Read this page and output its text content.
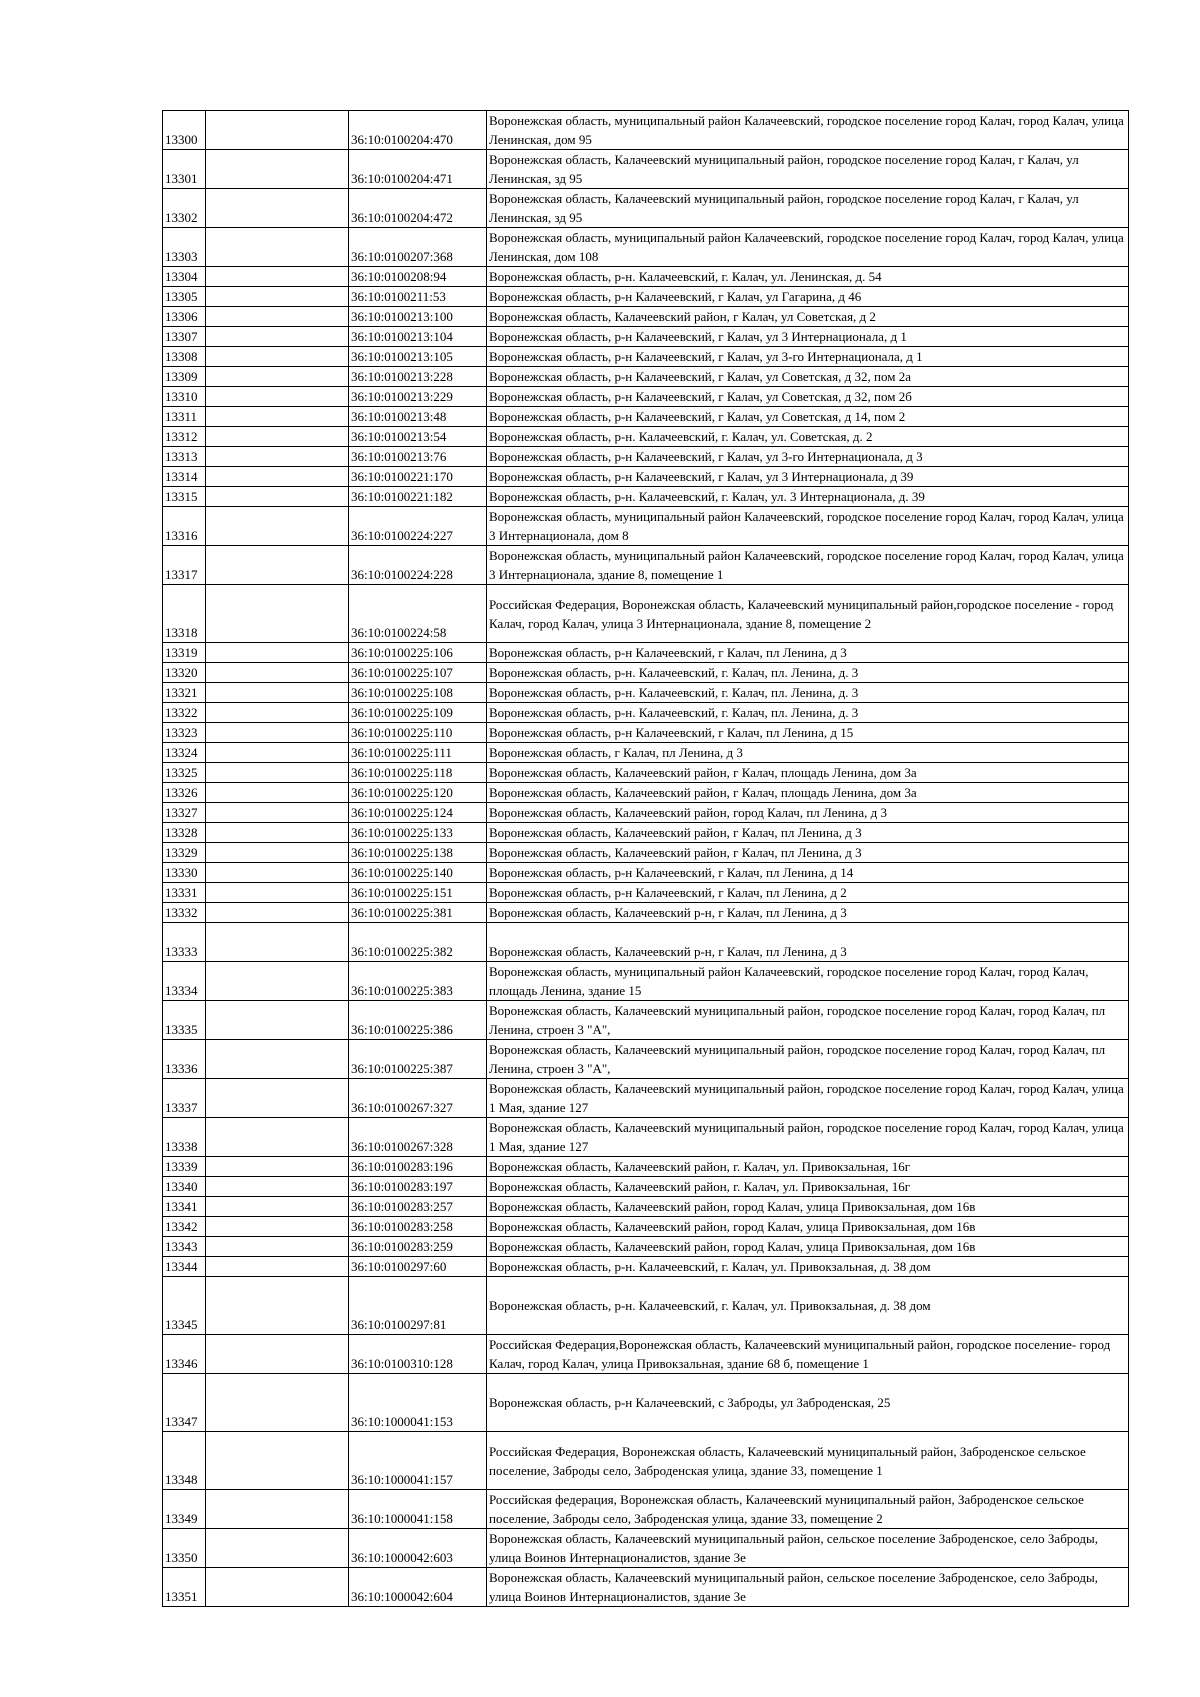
13300		36:10:0100204:470	Воронежская область, муниципальный район Калачеевский, городское поселение город Калач, город Калач, улица Ленинская, дом 95
13301		36:10:0100204:471	Воронежская область, Калачеевский муниципальный район, городское поселение город Калач, г Калач, ул Ленинская, зд 95
13302		36:10:0100204:472	Воронежская область, Калачеевский муниципальный район, городское поселение город Калач, г Калач, ул Ленинская, зд 95
13303		36:10:0100207:368	Воронежская область, муниципальный район Калачеевский, городское поселение город Калач, город Калач, улица Ленинская, дом 108
13304		36:10:0100208:94	Воронежская область, р-н. Калачеевский, г. Калач, ул. Ленинская, д. 54
13305		36:10:0100211:53	Воронежская область, р-н Калачеевский, г Калач, ул Гагарина, д 46
13306		36:10:0100213:100	Воронежская область, Калачеевский район, г Калач, ул Советская, д 2
13307		36:10:0100213:104	Воронежская область, р-н Калачеевский, г Калач, ул 3 Интернационала, д 1
13308		36:10:0100213:105	Воронежская область, р-н Калачеевский, г Калач, ул 3-го Интернационала, д 1
13309		36:10:0100213:228	Воронежская область, р-н Калачеевский, г Калач, ул Советская, д 32, пом 2а
13310		36:10:0100213:229	Воронежская область, р-н Калачеевский, г Калач, ул Советская, д 32, пом 2б
13311		36:10:0100213:48	Воронежская область, р-н Калачеевский, г Калач, ул Советская, д 14, пом 2
13312		36:10:0100213:54	Воронежская область, р-н. Калачеевский, г. Калач, ул. Советская, д. 2
13313		36:10:0100213:76	Воронежская область, р-н Калачеевский, г Калач, ул 3-го Интернационала, д 3
13314		36:10:0100221:170	Воронежская область, р-н Калачеевский, г Калач, ул 3 Интернационала, д 39
13315		36:10:0100221:182	Воронежская область, р-н. Калачеевский, г. Калач, ул. 3 Интернационала, д. 39
13316		36:10:0100224:227	Воронежская область, муниципальный район Калачеевский, городское поселение город Калач, город Калач, улица 3 Интернационала, дом 8
13317		36:10:0100224:228	Воронежская область, муниципальный район Калачеевский, городское поселение город Калач, город Калач, улица 3 Интернационала, здание 8, помещение 1
13318		36:10:0100224:58	Российская Федерация, Воронежская область, Калачеевский муниципальный район,городское поселение - город Калач, город Калач, улица 3 Интернационала, здание 8, помещение 2
13319		36:10:0100225:106	Воронежская область, р-н Калачеевский, г Калач, пл Ленина, д 3
13320		36:10:0100225:107	Воронежская область, р-н. Калачеевский, г. Калач, пл. Ленина, д. 3
13321		36:10:0100225:108	Воронежская область, р-н. Калачеевский, г. Калач, пл. Ленина, д. 3
13322		36:10:0100225:109	Воронежская область, р-н. Калачеевский, г. Калач, пл. Ленина, д. 3
13323		36:10:0100225:110	Воронежская область, р-н Калачеевский, г Калач, пл Ленина, д 15
13324		36:10:0100225:111	Воронежская область, г Калач, пл Ленина, д 3
13325		36:10:0100225:118	Воронежская область, Калачеевский район, г Калач, площадь Ленина, дом 3а
13326		36:10:0100225:120	Воронежская область, Калачеевский район, г Калач, площадь Ленина, дом 3а
13327		36:10:0100225:124	Воронежская область, Калачеевский район, город Калач, пл Ленина, д 3
13328		36:10:0100225:133	Воронежская область, Калачеевский район, г Калач, пл Ленина, д 3
13329		36:10:0100225:138	Воронежская область, Калачеевский район, г Калач, пл Ленина, д 3
13330		36:10:0100225:140	Воронежская область, р-н Калачеевский, г Калач, пл Ленина, д 14
13331		36:10:0100225:151	Воронежская область, р-н Калачеевский, г Калач, пл Ленина, д 2
13332		36:10:0100225:381	Воронежская область, Калачеевский р-н, г Калач, пл Ленина, д 3
13333		36:10:0100225:382	Воронежская область, Калачеевский р-н, г Калач, пл Ленина, д 3
13334		36:10:0100225:383	Воронежская область, муниципальный район Калачеевский, городское поселение город Калач, город Калач, площадь Ленина, здание 15
13335		36:10:0100225:386	Воронежская область, Калачеевский муниципальный район, городское поселение город Калач, город Калач, пл Ленина, строен 3 "А",
13336		36:10:0100225:387	Воронежская область, Калачеевский муниципальный район, городское поселение город Калач, город Калач, пл Ленина, строен 3 "А",
13337		36:10:0100267:327	Воронежская область, Калачеевский муниципальный район, городское поселение город Калач, город Калач, улица 1 Мая, здание 127
13338		36:10:0100267:328	Воронежская область, Калачеевский муниципальный район, городское поселение город Калач, город Калач, улица 1 Мая, здание 127
13339		36:10:0100283:196	Воронежская область, Калачеевский район, г. Калач, ул. Привокзальная, 16г
13340		36:10:0100283:197	Воронежская область, Калачеевский район, г. Калач, ул. Привокзальная, 16г
13341		36:10:0100283:257	Воронежская область, Калачеевский район, город Калач, улица Привокзальная, дом 16в
13342		36:10:0100283:258	Воронежская область, Калачеевский район, город Калач, улица Привокзальная, дом 16в
13343		36:10:0100283:259	Воронежская область, Калачеевский район, город Калач, улица Привокзальная, дом 16в
13344		36:10:0100297:60	Воронежская область, р-н. Калачеевский, г. Калач, ул. Привокзальная, д. 38 дом
13345		36:10:0100297:81	Воронежская область, р-н. Калачеевский, г. Калач, ул. Привокзальная, д. 38 дом
13346		36:10:0100310:128	Российская Федерация,Воронежская область, Калачеевский муниципальный район, городское поселение- город Калач, город Калач, улица Привокзальная, здание 68 б, помещение 1
13347		36:10:1000041:153	Воронежская область, р-н Калачеевский, с Заброды, ул Заброденская, 25
13348		36:10:1000041:157	Российская Федерация, Воронежская область, Калачеевский муниципальный район, Заброденское сельское поселение, Заброды село, Заброденская улица, здание 33, помещение 1
13349		36:10:1000041:158	Российская федерация, Воронежская область, Калачеевский муниципальный район, Заброденское сельское поселение, Заброды село, Заброденская улица, здание 33, помещение 2
13350		36:10:1000042:603	Воронежская область, Калачеевский муниципальный район, сельское поселение Заброденское, село Заброды, улица Воинов Интернационалистов, здание 3е
13351		36:10:1000042:604	Воронежская область, Калачеевский муниципальный район, сельское поселение Заброденское, село Заброды, улица Воинов Интернационалистов, здание 3е
